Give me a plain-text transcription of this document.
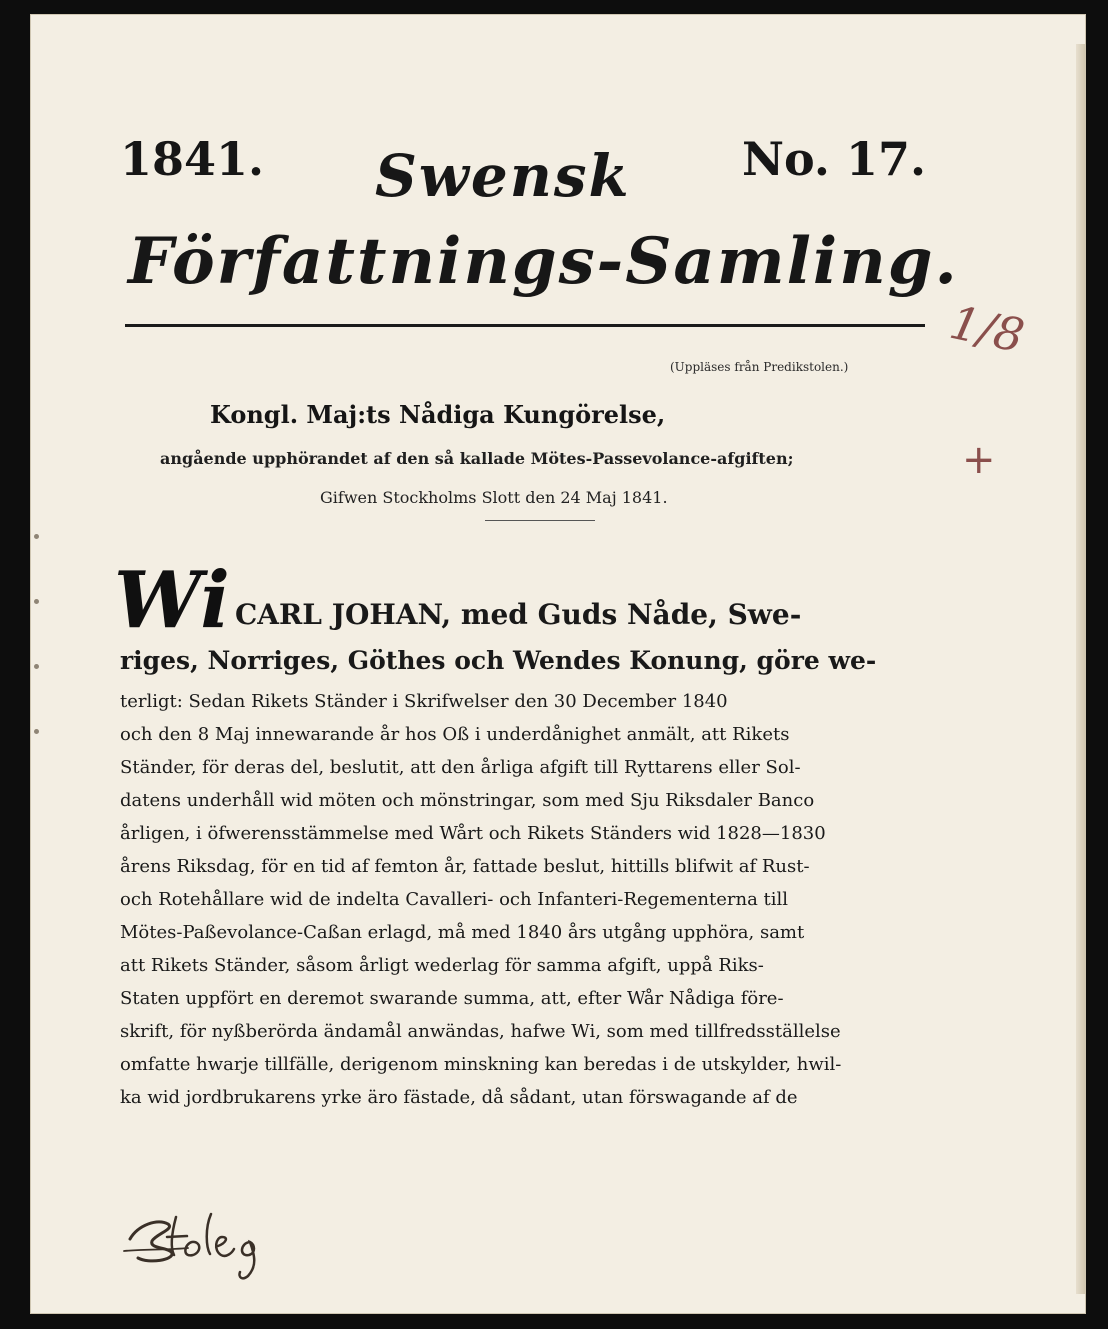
1841. Swensk No. 17.
Författnings-Samling.
(Uppläses från Predikstolen.)
Kongl. Maj:ts Nådiga Kungörelse,
angående upphörandet af den så kallade Mötes-Passevolance-afgiften;
Gifwen Stockholms Slott den 24 Maj 1841.
Wi CARL JOHAN, med Guds Nåde, Swe-
riges, Norriges, Göthes och Wendes Konung, göre we-
terligt: Sedan Rikets Ständer i Skrifwelser den 30 December 1840
och den 8 Maj innewarande år hos Oß i underdånighet anmält, att Rikets
Ständer, för deras del, beslutit, att den årliga afgift till Ryttarens eller Sol-
datens underhåll wid möten och mönstringar, som med Sju Riksdaler Banco
årligen, i öfwerensstämmelse med Wårt och Rikets Ständers wid 1828—1830
årens Riksdag, för en tid af femton år, fattade beslut, hittills blifwit af Rust-
och Rotehållare wid de indelta Cavalleri- och Infanteri-Regementerna till
Mötes-Paßevolance-Caßan erlagd, må med 1840 års utgång upphöra, samt
att Rikets Ständer, såsom årligt wederlag för samma afgift, uppå Riks-
Staten uppfört en deremot swarande summa, att, efter Wår Nådiga före-
skrift, för nyßberörda ändamål anwändas, hafwe Wi, som med tillfredsställelse
omfatte hwarje tillfälle, derigenom minskning kan beredas i de utskylder, hwil-
ka wid jordbrukarens yrke äro fästade, då sådant, utan förswagande af de
1/8
+
